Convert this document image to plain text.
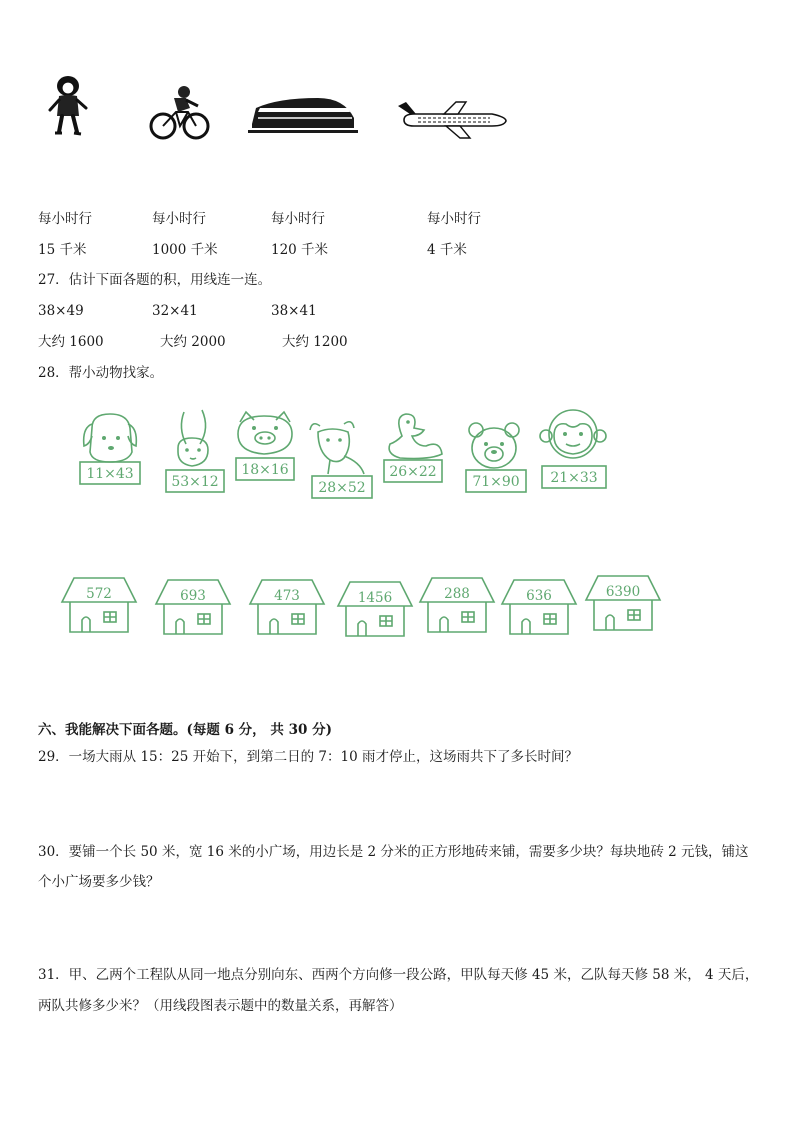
每小时行	每小时行	每小时行	每小时行
15 千米	1000 千米	120 千米	4 千米
27．估计下面各题的积，用线连一连。
38×49	32×41	38×41
大约 1600	大约 2000	大约 1200
28．帮小动物找家。
11×43	53×12
18×16
28×52
26×22
71×90 21×33
572	693	473	1456	288	636	6390
六、我能解决下面各题。(每题 6 分， 共 30 分)
29．一场大雨从 15：25 开始下，到第二日的 7：10 雨才停止，这场雨共下了多长时间？
30．要铺一个长 50 米，宽 16 米的小广场，用边长是 2 分米的正方形地砖来铺，需要多少块？每块地砖 2 元钱，铺这
个小广场要多少钱？
31．甲、乙两个工程队从同一地点分别向东、西两个方向修一段公路，甲队每天修 45 米，乙队每天修 58 米， 4 天后，
两队共修多少米？（用线段图表示题中的数量关系，再解答）
